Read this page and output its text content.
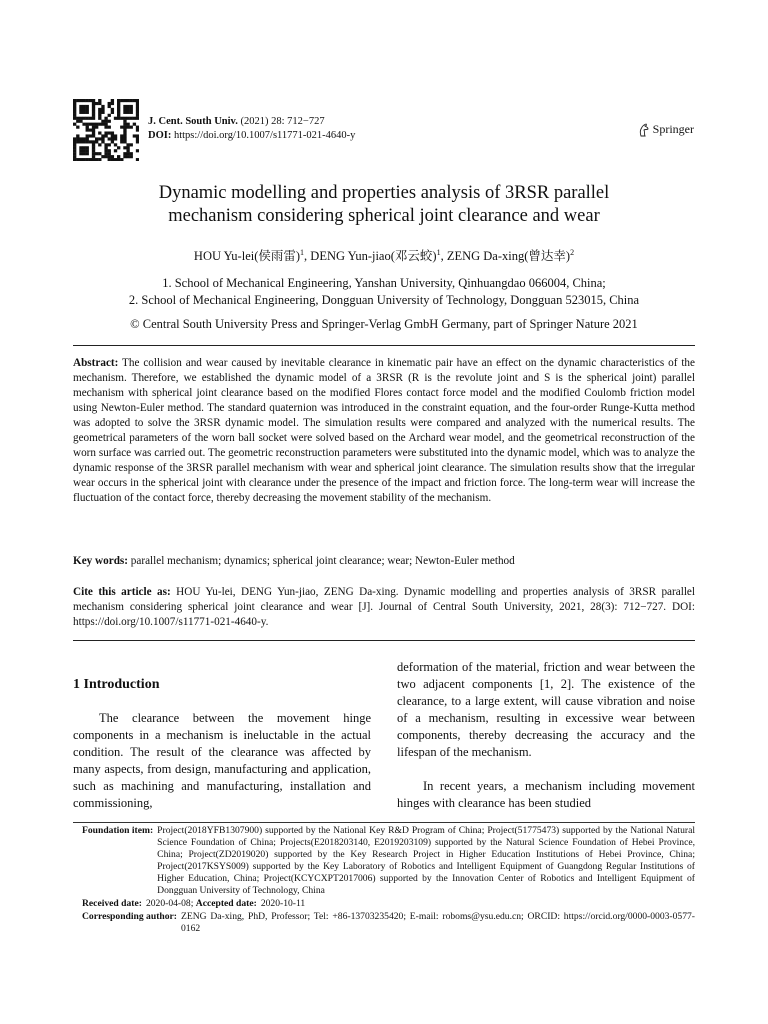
J. Cent. South Univ. (2021) 28: 712−727
DOI: https://doi.org/10.1007/s11771-021-4640-y	Springer
Dynamic modelling and properties analysis of 3RSR parallel
mechanism considering spherical joint clearance and wear
HOU Yu-lei(侯雨雷)$^1$, DENG Yun-jiao(邓云蛟)$^1$, ZENG Da-xing(曾达幸)$^2$
1. School of Mechanical Engineering, Yanshan University, Qinhuangdao 066004, China;
2. School of Mechanical Engineering, Dongguan University of Technology, Dongguan 523015, China
© Central South University Press and Springer-Verlag GmbH Germany, part of Springer Nature 2021
Abstract: The collision and wear caused by inevitable clearance in kinematic pair have an effect on the dynamic characteristics of the mechanism. Therefore, we established the dynamic model of a 3RSR (R is the revolute joint and S is the spherical joint) parallel mechanism with spherical joint clearance based on the modified Flores contact force model and the modified Coulomb friction model using Newton-Euler method. The standard quaternion was introduced in the constraint equation, and the four-order Runge-Kutta method was adopted to solve the 3RSR dynamic model. The simulation results were compared and analyzed with the numerical results. The geometrical parameters of the worn ball socket were solved based on the Archard wear model, and the geometrical reconstruction of the worn surface was carried out. The geometric reconstruction parameters were substituted into the dynamic model, which was to analyze the dynamic response of the 3RSR parallel mechanism with wear and spherical joint clearance. The simulation results show that the irregular wear occurs in the spherical joint with clearance under the presence of the impact and friction force. The long-term wear will increase the fluctuation of the contact force, thereby decreasing the movement stability of the mechanism.
Key words: parallel mechanism; dynamics; spherical joint clearance; wear; Newton-Euler method
Cite this article as: HOU Yu-lei, DENG Yun-jiao, ZENG Da-xing. Dynamic modelling and properties analysis of 3RSR parallel mechanism considering spherical joint clearance and wear [J]. Journal of Central South University, 2021, 28(3): 712−727. DOI: https://doi.org/10.1007/s11771-021-4640-y.
1 Introduction
The clearance between the movement hinge components in a mechanism is ineluctable in the actual condition. The result of the clearance was affected by many aspects, from design, manufacturing and application, such as machining and manufacturing, installation and commissioning,
deformation of the material, friction and wear between the two adjacent components [1, 2]. The existence of the clearance, to a large extent, will cause vibration and noise of a mechanism, resulting in excessive wear between components, thereby decreasing the accuracy and the lifespan of the mechanism.
In recent years, a mechanism including movement hinges with clearance has been studied
Foundation item: Project(2018YFB1307900) supported by the National Key R&D Program of China; Project(51775473) supported by the National Natural Science Foundation of China; Projects(E2018203140, E2019203109) supported by the Natural Science Foundation of Hebei Province, China; Project(ZD2019020) supported by the Key Research Project in Higher Education Institutions of Hebei Province, China; Project(2017KSYS009) supported by the Key Laboratory of Robotics and Intelligent Equipment of Guangdong Regular Institutions of Higher Education, China; Project(KCYCXPT2017006) supported by the Innovation Center of Robotics and Intelligent Equipment of Dongguan University of Technology, China
Received date: 2020-04-08;
Accepted date: 2020-10-11
Corresponding author: ZENG Da-xing, PhD, Professor; Tel: +86-13703235420; E-mail: roboms@ysu.edu.cn; ORCID: https://orcid.org/0000-0003-0577-0162
